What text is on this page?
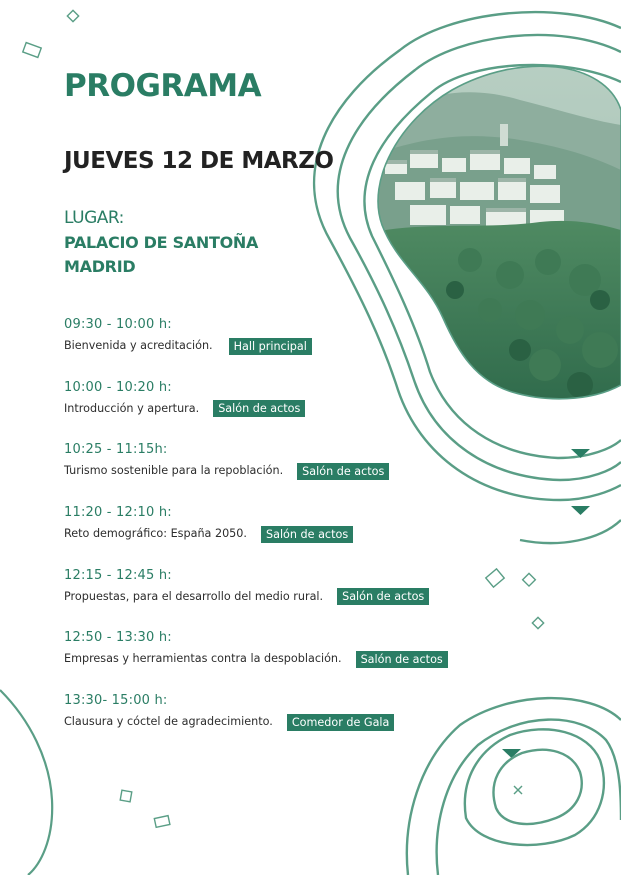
PROGRAMA
JUEVES 12 DE MARZO
LUGAR:
PALACIO DE SANTOÑA
MADRID
09:30 - 10:00 h:
Bienvenida y acreditación.	Hall principal
10:00 - 10:20 h:
Introducción y apertura.	Salón de actos
10:25 - 11:15h:
Turismo sostenible para la repoblación.	Salón de actos
11:20 - 12:10 h:
Reto demográfico: España 2050.	Salón de actos
12:15 - 12:45 h:
Propuestas, para el desarrollo del medio rural.	Salón de actos
12:50 - 13:30 h:
Empresas y herramientas contra la despoblación.	Salón de actos
13:30- 15:00 h:
Clausura y cóctel de agradecimiento.	Comedor de Gala
